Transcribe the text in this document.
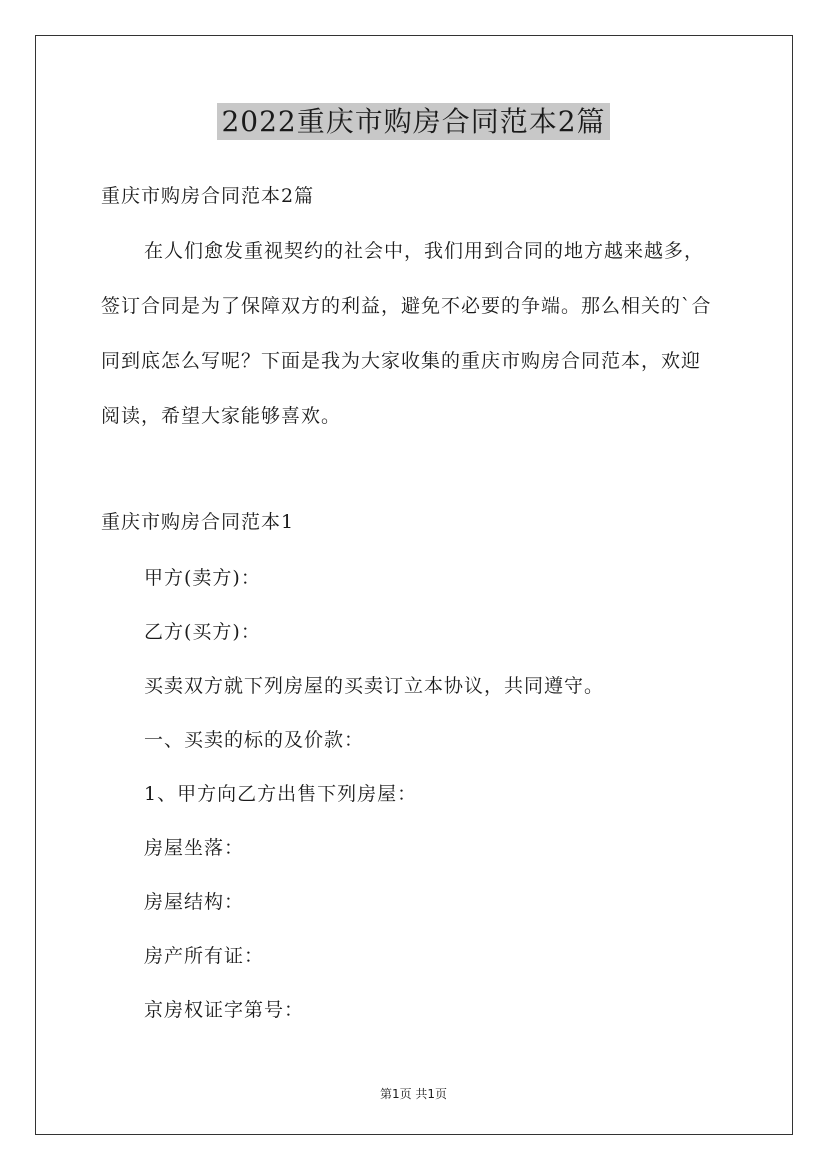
2022重庆市购房合同范本2篇
重庆市购房合同范本2篇
在人们愈发重视契约的社会中，我们用到合同的地方越来越多，
签订合同是为了保障双方的利益，避免不必要的争端。那么相关的`合
同到底怎么写呢？下面是我为大家收集的重庆市购房合同范本，欢迎
阅读，希望大家能够喜欢。
重庆市购房合同范本1
甲方(卖方)：
乙方(买方)：
买卖双方就下列房屋的买卖订立本协议，共同遵守。
一、买卖的标的及价款：
1、甲方向乙方出售下列房屋：
房屋坐落：
房屋结构：
房产所有证：
京房权证字第号：
第1页 共1页
